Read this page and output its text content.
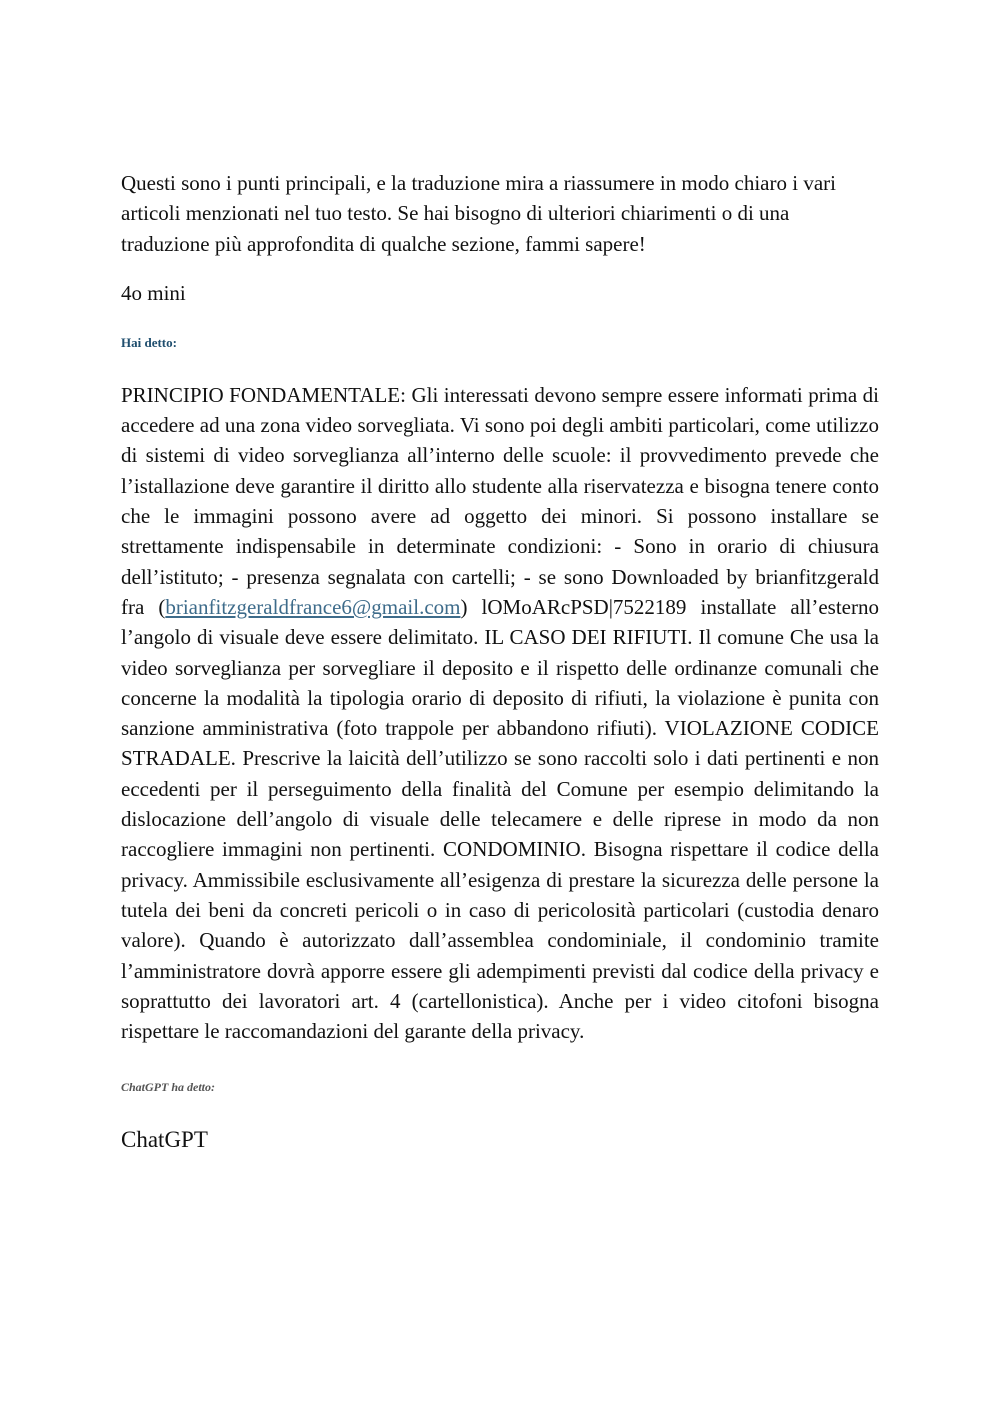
Questi sono i punti principali, e la traduzione mira a riassumere in modo chiaro i vari articoli menzionati nel tuo testo. Se hai bisogno di ulteriori chiarimenti o di una traduzione più approfondita di qualche sezione, fammi sapere!

4o mini

Hai detto:

PRINCIPIO FONDAMENTALE: Gli interessati devono sempre essere informati prima di accedere ad una zona video sorvegliata. Vi sono poi degli ambiti particolari, come utilizzo di sistemi di video sorveglianza all’interno delle scuole: il provvedimento prevede che l’istallazione deve garantire il diritto allo studente alla riservatezza e bisogna tenere conto che le immagini possono avere ad oggetto dei minori. Si possono installare se strettamente indispensabile in determinate condizioni: - Sono in orario di chiusura dell’istituto; - presenza segnalata con cartelli; - se sono Downloaded by brianfitzgerald fra (brianfitzgeraldfrance6@gmail.com) lOMoARcPSD|7522189 installate all’esterno l’angolo di visuale deve essere delimitato. IL CASO DEI RIFIUTI. Il comune Che usa la video sorveglianza per sorvegliare il deposito e il rispetto delle ordinanze comunali che concerne la modalità la tipologia orario di deposito di rifiuti, la violazione è punita con sanzione amministrativa (foto trappole per abbandono rifiuti). VIOLAZIONE CODICE STRADALE. Prescrive la laicità dell’utilizzo se sono raccolti solo i dati pertinenti e non eccedenti per il perseguimento della finalità del Comune per esempio delimitando la dislocazione dell’angolo di visuale delle telecamere e delle riprese in modo da non raccogliere immagini non pertinenti. CONDOMINIO. Bisogna rispettare il codice della privacy. Ammissibile esclusivamente all’esigenza di prestare la sicurezza delle persone la tutela dei beni da concreti pericoli o in caso di pericolosità particolari (custodia denaro valore). Quando è autorizzato dall’assemblea condominiale, il condominio tramite l’amministratore dovrà apporre essere gli adempimenti previsti dal codice della privacy e soprattutto dei lavoratori art. 4 (cartellonistica). Anche per i video citofoni bisogna rispettare le raccomandazioni del garante della privacy.

ChatGPT ha detto:

ChatGPT
